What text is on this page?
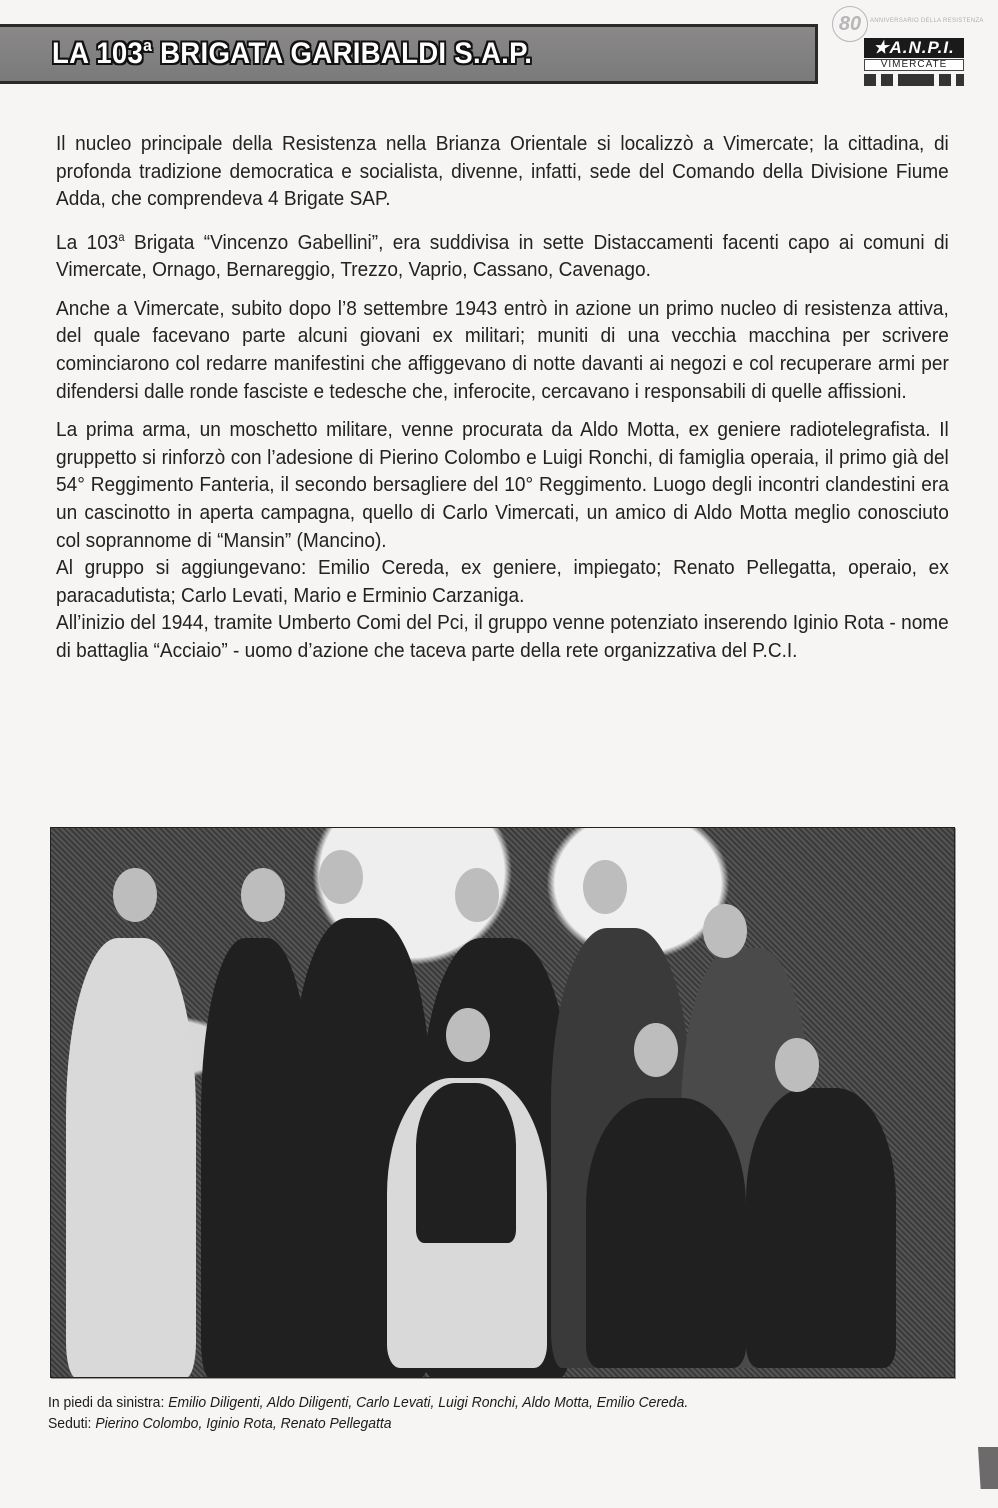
LA 103$^a$ BRIGATA GARIBALDI S.A.P.
80	ANNIVERSARIO DELLA RESISTENZA
★A.N.P.I.
VIMERCATE

Il nucleo principale della Resistenza nella Brianza Orientale si localizzò a Vimercate; la cittadina, di profonda tradizione democratica e socialista, divenne, infatti, sede del Comando della Divisione Fiume Adda, che comprendeva 4 Brigate SAP.

La 103$^a$ Brigata “Vincenzo Gabellini”, era suddivisa in sette Distaccamenti facenti capo ai comuni di Vimercate, Ornago, Bernareggio, Trezzo, Vaprio, Cassano, Cavenago.

Anche a Vimercate, subito dopo l’8 settembre 1943 entrò in azione un primo nucleo di resistenza attiva, del quale facevano parte alcuni giovani ex militari; muniti di una vecchia macchina per scrivere cominciarono col redarre manifestini che affiggevano di notte davanti ai negozi e col recuperare armi per difendersi dalle ronde fasciste e tedesche che, inferocite, cercavano i responsabili di quelle affissioni.

La prima arma, un moschetto militare, venne procurata da Aldo Motta, ex geniere radiotelegrafista. Il gruppetto si rinforzò con l’adesione di Pierino Colombo e Luigi Ronchi, di famiglia operaia, il primo già del 54° Reggimento Fanteria, il secondo bersagliere del 10° Reggimento. Luogo degli incontri clandestini era un cascinotto in aperta campagna, quello di Carlo Vimercati, un amico di Aldo Motta meglio conosciuto col soprannome di “Mansin” (Mancino).

Al gruppo si aggiungevano: Emilio Cereda, ex geniere, impiegato; Renato Pellegatta, operaio, ex paracadutista; Carlo Levati, Mario e Erminio Carzaniga.

All’inizio del 1944, tramite Umberto Comi del Pci, il gruppo venne potenziato inserendo Iginio Rota - nome di battaglia “Acciaio” - uomo d’azione che taceva parte della rete organizzativa del P.C.I.

In piedi da sinistra: Emilio Diligenti, Aldo Diligenti, Carlo Levati, Luigi Ronchi, Aldo Motta, Emilio Cereda.
Seduti: Pierino Colombo, Iginio Rota, Renato Pellegatta
